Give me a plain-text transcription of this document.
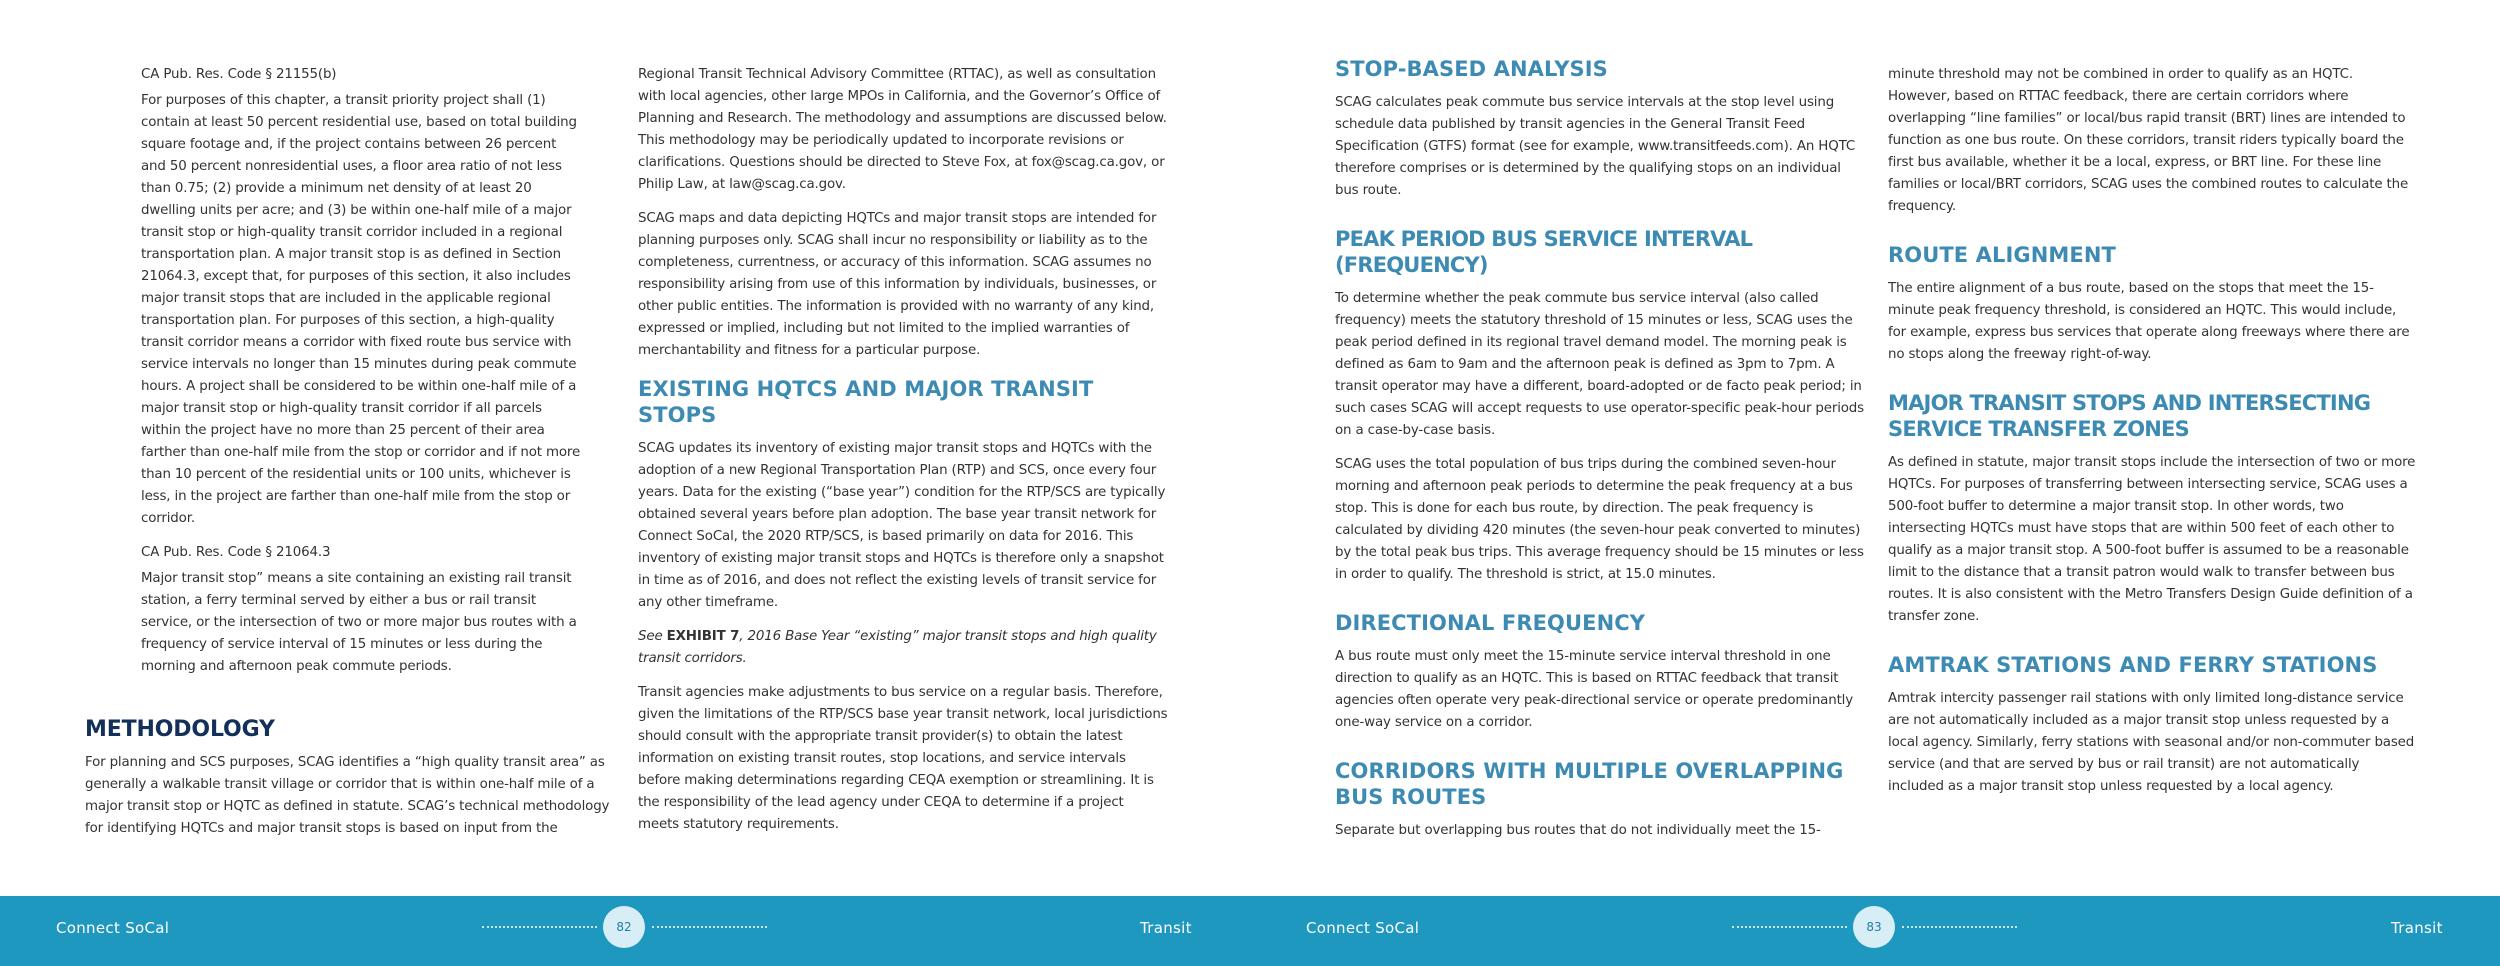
CA Pub. Res. Code § 21155(b)

For purposes of this chapter, a transit priority project shall (1) contain at least 50 percent residential use, based on total building square footage and, if the project contains between 26 percent and 50 percent nonresidential uses, a floor area ratio of not less than 0.75; (2) provide a minimum net density of at least 20 dwelling units per acre; and (3) be within one-half mile of a major transit stop or high-quality transit corridor included in a regional transportation plan. A major transit stop is as defined in Section 21064.3, except that, for purposes of this section, it also includes major transit stops that are included in the applicable regional transportation plan. For purposes of this section, a high-quality transit corridor means a corridor with fixed route bus service with service intervals no longer than 15 minutes during peak commute hours. A project shall be considered to be within one-half mile of a major transit stop or high-quality transit corridor if all parcels within the project have no more than 25 percent of their area farther than one-half mile from the stop or corridor and if not more than 10 percent of the residential units or 100 units, whichever is less, in the project are farther than one-half mile from the stop or corridor.

CA Pub. Res. Code § 21064.3

Major transit stop” means a site containing an existing rail transit station, a ferry terminal served by either a bus or rail transit service, or the intersection of two or more major bus routes with a frequency of service interval of 15 minutes or less during the morning and afternoon peak commute periods.

METHODOLOGY

For planning and SCS purposes, SCAG identifies a “high quality transit area” as generally a walkable transit village or corridor that is within one-half mile of a major transit stop or HQTC as defined in statute. SCAG’s technical methodology for identifying HQTCs and major transit stops is based on input from the

Regional Transit Technical Advisory Committee (RTTAC), as well as consultation with local agencies, other large MPOs in California, and the Governor’s Office of Planning and Research. The methodology and assumptions are discussed below. This methodology may be periodically updated to incorporate revisions or clarifications. Questions should be directed to Steve Fox, at fox@scag.ca.gov, or Philip Law, at law@scag.ca.gov.

SCAG maps and data depicting HQTCs and major transit stops are intended for planning purposes only. SCAG shall incur no responsibility or liability as to the completeness, currentness, or accuracy of this information. SCAG assumes no responsibility arising from use of this information by individuals, businesses, or other public entities. The information is provided with no warranty of any kind, expressed or implied, including but not limited to the implied warranties of merchantability and fitness for a particular purpose.

EXISTING HQTCS AND MAJOR TRANSIT STOPS

SCAG updates its inventory of existing major transit stops and HQTCs with the adoption of a new Regional Transportation Plan (RTP) and SCS, once every four years. Data for the existing (“base year”) condition for the RTP/SCS are typically obtained several years before plan adoption. The base year transit network for Connect SoCal, the 2020 RTP/SCS, is based primarily on data for 2016. This inventory of existing major transit stops and HQTCs is therefore only a snapshot in time as of 2016, and does not reflect the existing levels of transit service for any other timeframe.

See EXHIBIT 7, 2016 Base Year “existing” major transit stops and high quality transit corridors.

Transit agencies make adjustments to bus service on a regular basis. Therefore, given the limitations of the RTP/SCS base year transit network, local jurisdictions should consult with the appropriate transit provider(s) to obtain the latest information on existing transit routes, stop locations, and service intervals before making determinations regarding CEQA exemption or streamlining. It is the responsibility of the lead agency under CEQA to determine if a project meets statutory requirements.

STOP-BASED ANALYSIS

SCAG calculates peak commute bus service intervals at the stop level using schedule data published by transit agencies in the General Transit Feed Specification (GTFS) format (see for example, www.transitfeeds.com). An HQTC therefore comprises or is determined by the qualifying stops on an individual bus route.

PEAK PERIOD BUS SERVICE INTERVAL (FREQUENCY)

To determine whether the peak commute bus service interval (also called frequency) meets the statutory threshold of 15 minutes or less, SCAG uses the peak period defined in its regional travel demand model. The morning peak is defined as 6am to 9am and the afternoon peak is defined as 3pm to 7pm. A transit operator may have a different, board-adopted or de facto peak period; in such cases SCAG will accept requests to use operator-specific peak-hour periods on a case-by-case basis.

SCAG uses the total population of bus trips during the combined seven-hour morning and afternoon peak periods to determine the peak frequency at a bus stop. This is done for each bus route, by direction. The peak frequency is calculated by dividing 420 minutes (the seven-hour peak converted to minutes) by the total peak bus trips. This average frequency should be 15 minutes or less in order to qualify. The threshold is strict, at 15.0 minutes.

DIRECTIONAL FREQUENCY

A bus route must only meet the 15-minute service interval threshold in one direction to qualify as an HQTC. This is based on RTTAC feedback that transit agencies often operate very peak-directional service or operate predominantly one-way service on a corridor.

CORRIDORS WITH MULTIPLE OVERLAPPING BUS ROUTES

Separate but overlapping bus routes that do not individually meet the 15-

minute threshold may not be combined in order to qualify as an HQTC. However, based on RTTAC feedback, there are certain corridors where overlapping “line families” or local/bus rapid transit (BRT) lines are intended to function as one bus route. On these corridors, transit riders typically board the first bus available, whether it be a local, express, or BRT line. For these line families or local/BRT corridors, SCAG uses the combined routes to calculate the frequency.

ROUTE ALIGNMENT

The entire alignment of a bus route, based on the stops that meet the 15-minute peak frequency threshold, is considered an HQTC. This would include, for example, express bus services that operate along freeways where there are no stops along the freeway right-of-way.

MAJOR TRANSIT STOPS AND INTERSECTING SERVICE TRANSFER ZONES

As defined in statute, major transit stops include the intersection of two or more HQTCs. For purposes of transferring between intersecting service, SCAG uses a 500-foot buffer to determine a major transit stop. In other words, two intersecting HQTCs must have stops that are within 500 feet of each other to qualify as a major transit stop. A 500-foot buffer is assumed to be a reasonable limit to the distance that a transit patron would walk to transfer between bus routes. It is also consistent with the Metro Transfers Design Guide definition of a transfer zone.

AMTRAK STATIONS AND FERRY STATIONS

Amtrak intercity passenger rail stations with only limited long-distance service are not automatically included as a major transit stop unless requested by a local agency. Similarly, ferry stations with seasonal and/or non-commuter based service (and that are served by bus or rail transit) are not automatically included as a major transit stop unless requested by a local agency.

Connect SoCal	82	Transit	Connect SoCal	83	Transit
